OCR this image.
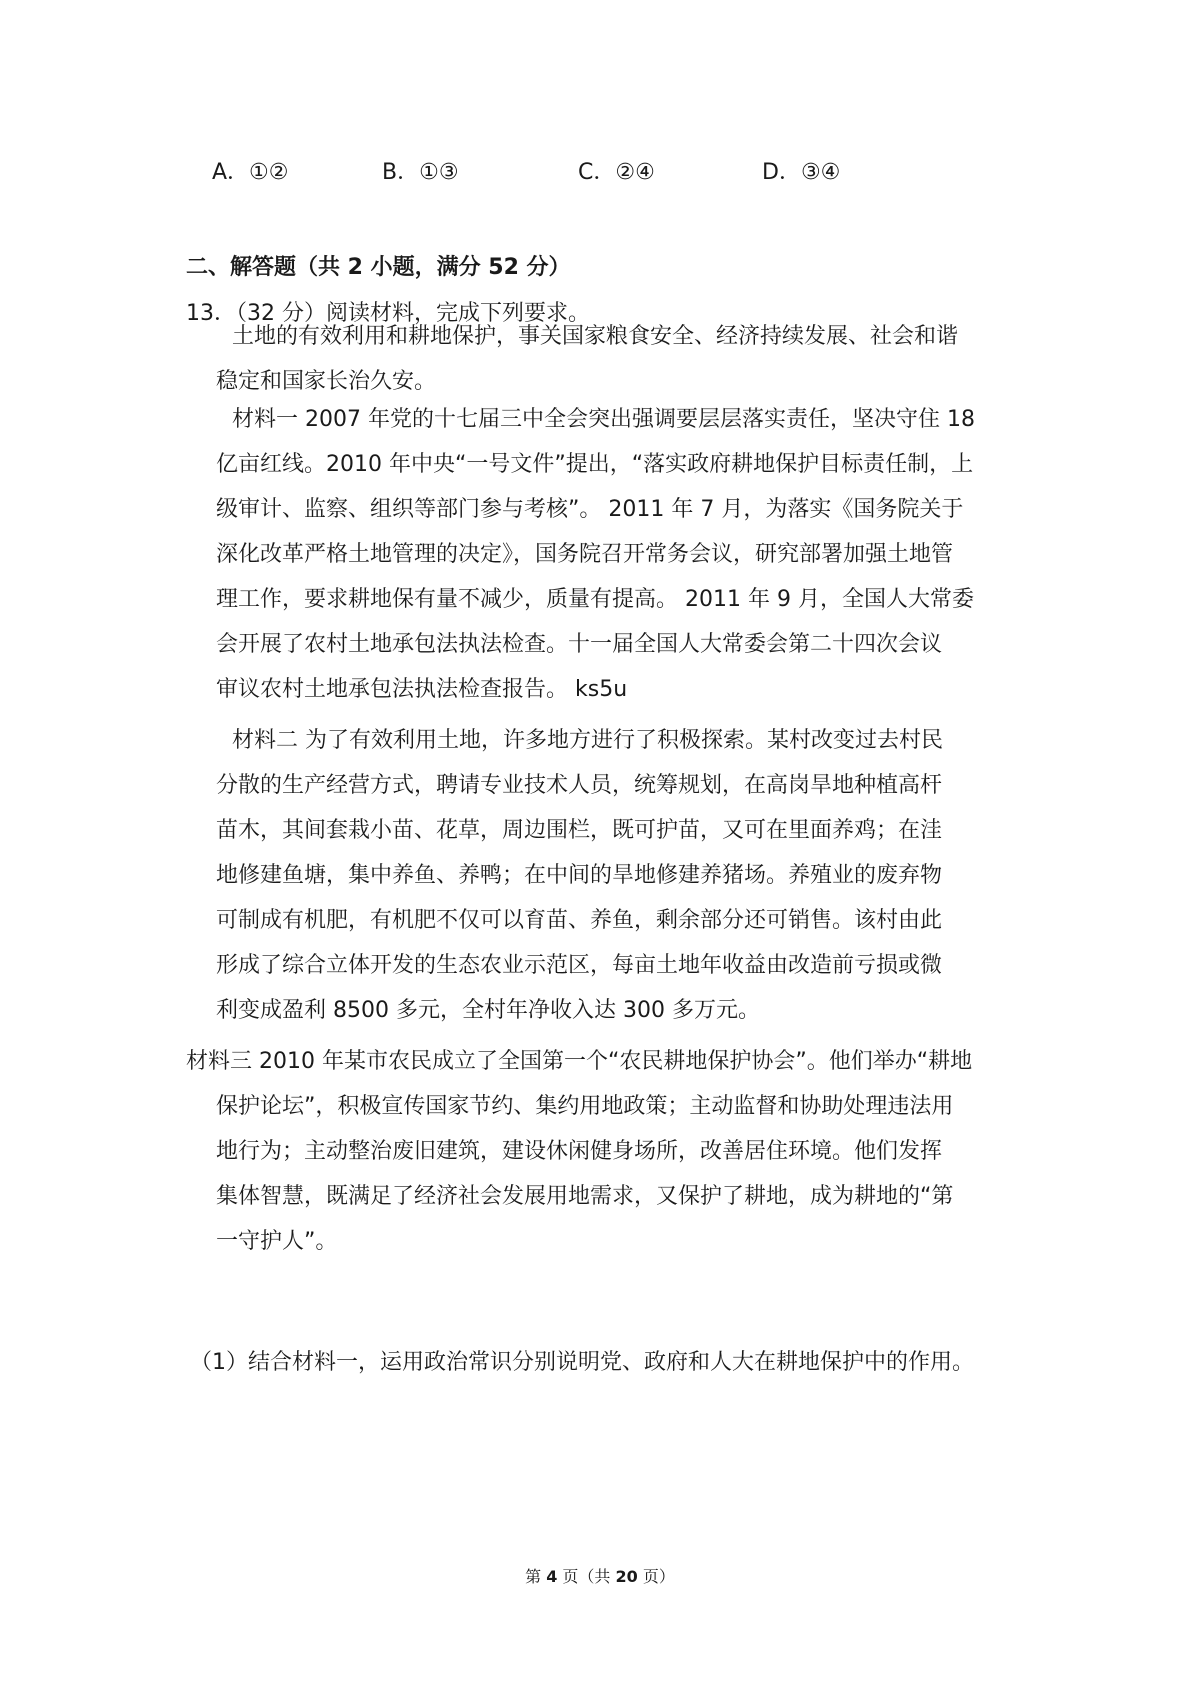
A．①②	B．①③	C．②④	D．③④
二、解答题（共 2 小题，满分 52 分）
13．（32 分）阅读材料，完成下列要求。
土地的有效利用和耕地保护，事关国家粮食安全、经济持续发展、社会和谐
稳定和国家长治久安。
材料一 2007 年党的十七届三中全会突出强调要层层落实责任，坚决守住 18
亿亩红线。2010 年中央“一号文件”提出，“落实政府耕地保护目标责任制，上
级审计、监察、组织等部门参与考核”。 2011 年 7 月，为落实《国务院关于
深化改革严格土地管理的决定》，国务院召开常务会议，研究部署加强土地管
理工作，要求耕地保有量不减少，质量有提高。 2011 年 9 月，全国人大常委
会开展了农村土地承包法执法检查。十一届全国人大常委会第二十四次会议
审议农村土地承包法执法检查报告。 ks5u
材料二 为了有效利用土地，许多地方进行了积极探索。某村改变过去村民
分散的生产经营方式，聘请专业技术人员，统筹规划，在高岗旱地种植高杆
苗木，其间套栽小苗、花草，周边围栏，既可护苗，又可在里面养鸡；在洼
地修建鱼塘，集中养鱼、养鸭；在中间的旱地修建养猪场。养殖业的废弃物
可制成有机肥，有机肥不仅可以育苗、养鱼，剩余部分还可销售。该村由此
形成了综合立体开发的生态农业示范区，每亩土地年收益由改造前亏损或微
利变成盈利 8500 多元，全村年净收入达 300 多万元。
材料三 2010 年某市农民成立了全国第一个“农民耕地保护协会”。他们举办“耕地
保护论坛”，积极宣传国家节约、集约用地政策；主动监督和协助处理违法用
地行为；主动整治废旧建筑，建设休闲健身场所，改善居住环境。他们发挥
集体智慧，既满足了经济社会发展用地需求，又保护了耕地，成为耕地的“第
一守护人”。
（1）结合材料一，运用政治常识分别说明党、政府和人大在耕地保护中的作用。
第 4 页（共 20 页）
